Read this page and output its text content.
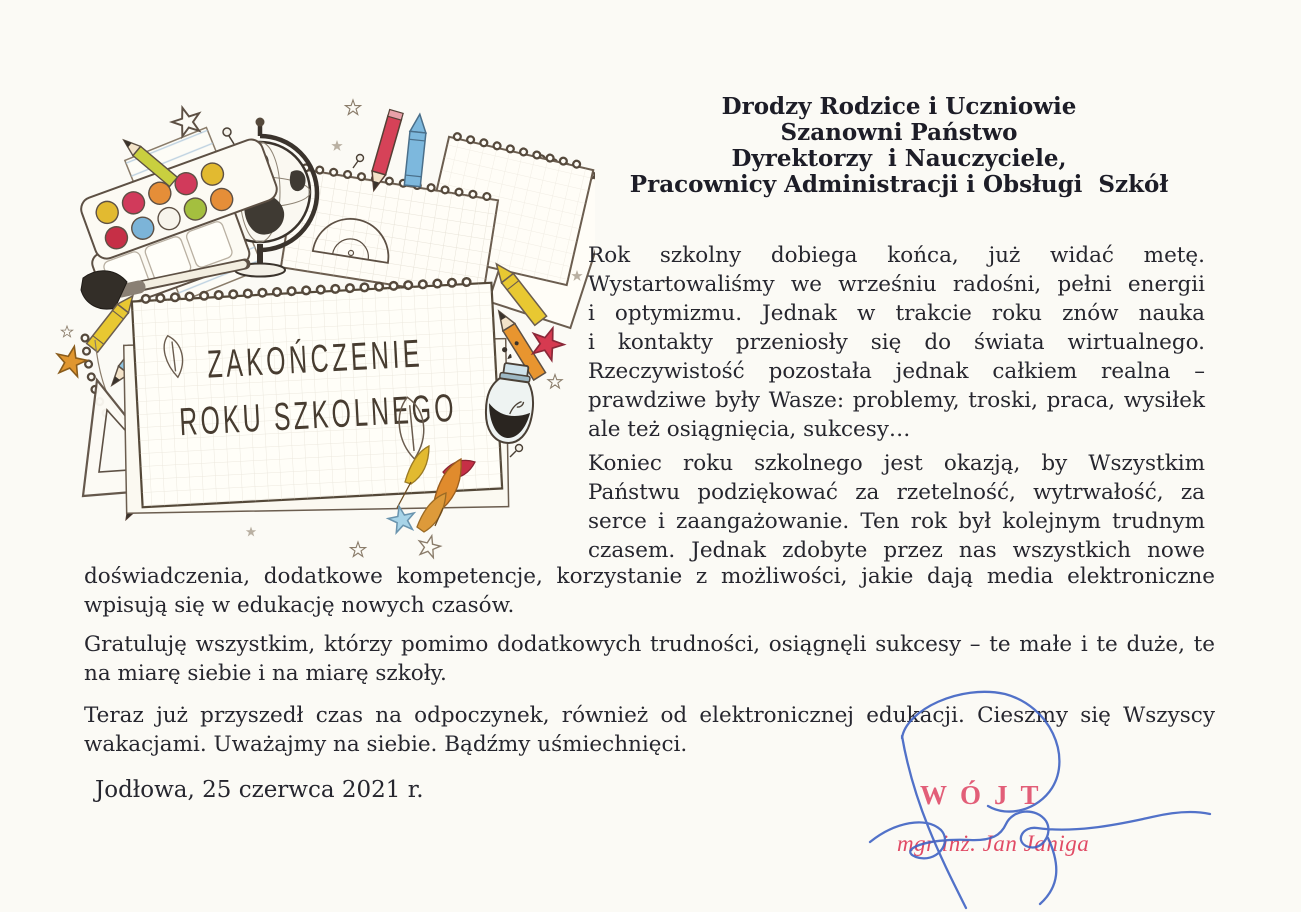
ZAKOŃCZENIE
ROKU SZKOLNEGO
Drodzy Rodzice i Uczniowie
Szanowni Państwo
Dyrektorzy  i Nauczyciele,
Pracownicy Administracji i Obsługi  Szkół
Rok szkolny dobiega końca, już widać metę.
Wystartowaliśmy we wrześniu radośni, pełni energii
i optymizmu. Jednak w trakcie roku znów nauka
i kontakty przeniosły się do świata wirtualnego.
Rzeczywistość pozostała jednak całkiem realna –
prawdziwe były Wasze: problemy, troski, praca, wysiłek
ale też osiągnięcia, sukcesy…
Koniec roku szkolnego jest okazją, by Wszystkim
Państwu podziękować za rzetelność, wytrwałość, za
serce i zaangażowanie. Ten rok był kolejnym trudnym
czasem. Jednak zdobyte przez nas wszystkich nowe
doświadczenia, dodatkowe kompetencje, korzystanie z możliwości, jakie dają media elektroniczne
wpisują się w edukację nowych czasów.
Gratuluję wszystkim, którzy pomimo dodatkowych trudności, osiągnęli sukcesy – te małe i te duże, te
na miarę siebie i na miarę szkoły.
Teraz już przyszedł czas na odpoczynek, również od elektronicznej edukacji. Cieszmy się Wszyscy
wakacjami. Uważajmy na siebie. Bądźmy uśmiechnięci.
Jodłowa, 25 czerwca 2021 r.	WÓJT
mgr inż. Jan Janiga
